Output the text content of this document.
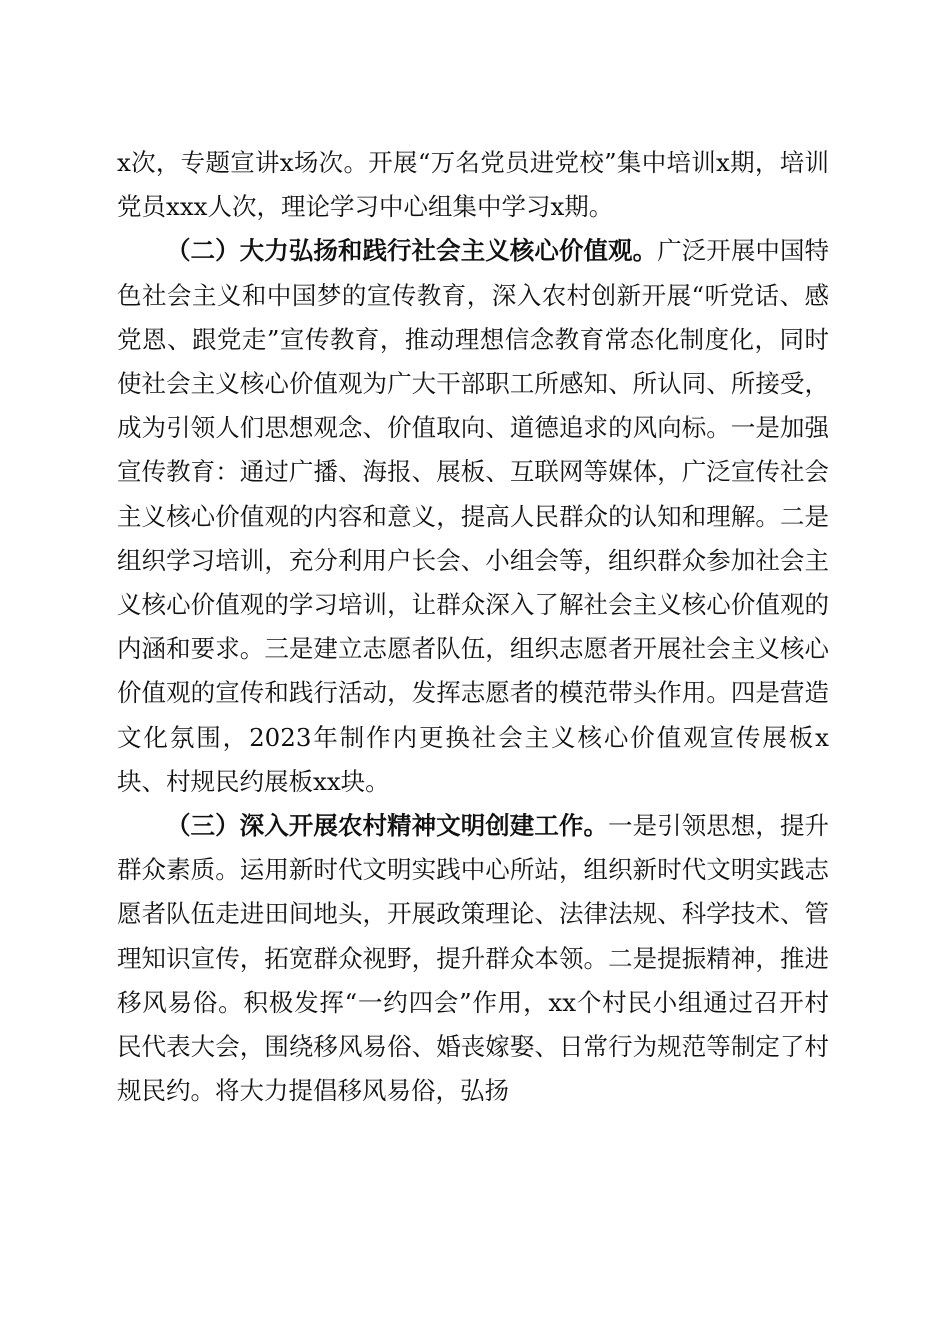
x次，专题宣讲x场次。开展“万名党员进党校”集中培训x期，培训党员xxx人次，理论学习中心组集中学习x期。

（二）大力弘扬和践行社会主义核心价值观。广泛开展中国特色社会主义和中国梦的宣传教育，深入农村创新开展“听党话、感党恩、跟党走”宣传教育，推动理想信念教育常态化制度化，同时使社会主义核心价值观为广大干部职工所感知、所认同、所接受，成为引领人们思想观念、价值取向、道德追求的风向标。一是加强宣传教育：通过广播、海报、展板、互联网等媒体，广泛宣传社会主义核心价值观的内容和意义，提高人民群众的认知和理解。二是组织学习培训，充分利用户长会、小组会等，组织群众参加社会主义核心价值观的学习培训，让群众深入了解社会主义核心价值观的内涵和要求。三是建立志愿者队伍，组织志愿者开展社会主义核心价值观的宣传和践行活动，发挥志愿者的模范带头作用。四是营造文化氛围，2023年制作内更换社会主义核心价值观宣传展板x块、村规民约展板xx块。

（三）深入开展农村精神文明创建工作。一是引领思想，提升群众素质。运用新时代文明实践中心所站，组织新时代文明实践志愿者队伍走进田间地头，开展政策理论、法律法规、科学技术、管理知识宣传，拓宽群众视野，提升群众本领。二是提振精神，推进移风易俗。积极发挥“一约四会”作用，xx个村民小组通过召开村民代表大会，围绕移风易俗、婚丧嫁娶、日常行为规范等制定了村规民约。将大力提倡移风易俗，弘扬
